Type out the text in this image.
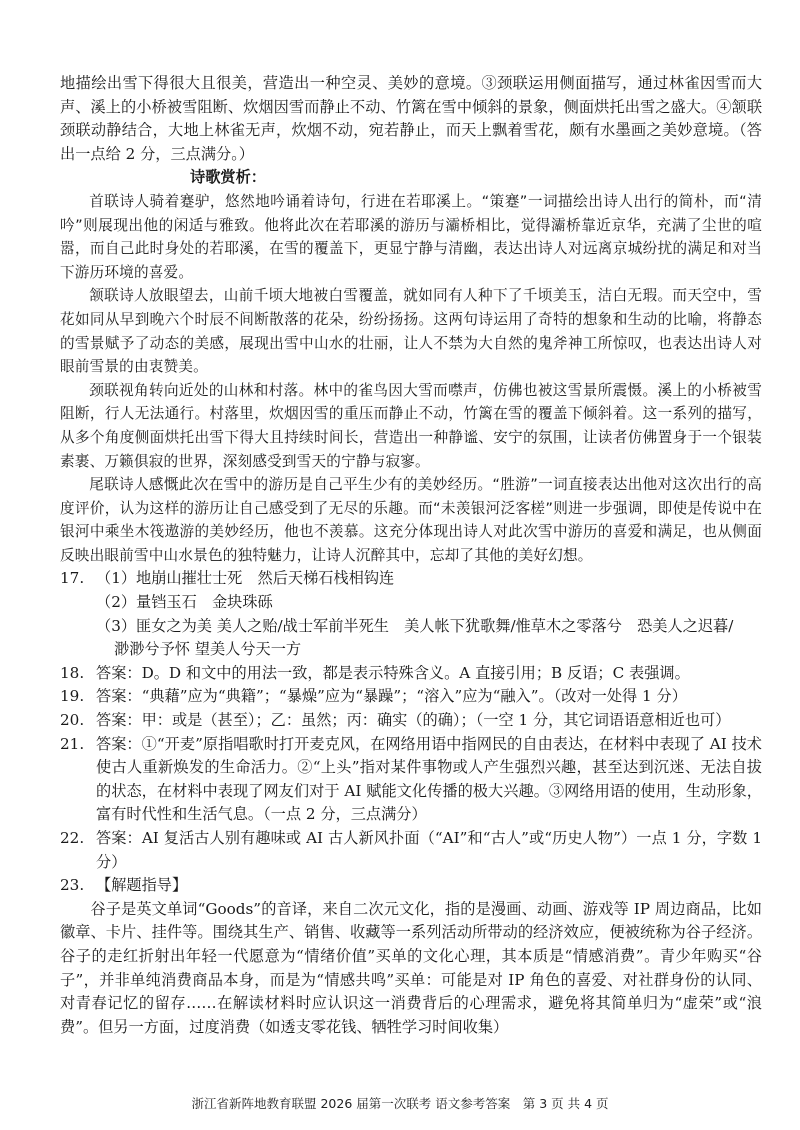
地描绘出雪下得很大且很美，营造出一种空灵、美妙的意境。③颈联运用侧面描写，通过林雀因雪而大声、溪上的小桥被雪阻断、炊烟因雪而静止不动、竹篱在雪中倾斜的景象，侧面烘托出雪之盛大。④颔联颈联动静结合，大地上林雀无声，炊烟不动，宛若静止，而天上飘着雪花，颇有水墨画之美妙意境。（答出一点给 2 分，三点满分。）

诗歌赏析：

首联诗人骑着蹇驴，悠然地吟诵着诗句，行进在若耶溪上。“策蹇”一词描绘出诗人出行的简朴，而“清吟”则展现出他的闲适与雅致。他将此次在若耶溪的游历与灞桥相比，觉得灞桥靠近京华，充满了尘世的喧嚣，而自己此时身处的若耶溪，在雪的覆盖下，更显宁静与清幽，表达出诗人对远离京城纷扰的满足和对当下游历环境的喜爱。

颔联诗人放眼望去，山前千顷大地被白雪覆盖，就如同有人种下了千顷美玉，洁白无瑕。而天空中，雪花如同从早到晚六个时辰不间断散落的花朵，纷纷扬扬。这两句诗运用了奇特的想象和生动的比喻，将静态的雪景赋予了动态的美感，展现出雪中山水的壮丽，让人不禁为大自然的鬼斧神工所惊叹，也表达出诗人对眼前雪景的由衷赞美。

颈联视角转向近处的山林和村落。林中的雀鸟因大雪而噤声，仿佛也被这雪景所震慑。溪上的小桥被雪阻断，行人无法通行。村落里，炊烟因雪的重压而静止不动，竹篱在雪的覆盖下倾斜着。这一系列的描写，从多个角度侧面烘托出雪下得大且持续时间长，营造出一种静谧、安宁的氛围，让读者仿佛置身于一个银装素裹、万籁俱寂的世界，深刻感受到雪天的宁静与寂寥。

尾联诗人感慨此次在雪中的游历是自己平生少有的美妙经历。“胜游”一词直接表达出他对这次出行的高度评价，认为这样的游历让自己感受到了无尽的乐趣。而“未羡银河泛客槎”则进一步强调，即使是传说中在银河中乘坐木筏遨游的美妙经历，他也不羡慕。这充分体现出诗人对此次雪中游历的喜爱和满足，也从侧面反映出眼前雪中山水景色的独特魅力，让诗人沉醉其中，忘却了其他的美好幻想。

17. （1）地崩山摧壮士死　然后天梯石栈相钩连
（2）量铛玉石　金块珠砾
（3）匪女之为美 美人之贻/战士军前半死生　美人帐下犹歌舞/惟草木之零落兮　恐美人之迟暮/
渺渺兮予怀 望美人兮天一方
18. 答案：D。D 和文中的用法一致，都是表示特殊含义。A 直接引用；B 反语；C 表强调。
19. 答案：“典藉”应为“典籍”；“暴燥”应为“暴躁”；“溶入”应为“融入”。（改对一处得 1 分）
20. 答案：甲：或是（甚至）；乙：虽然；丙：确实（的确）；（一空 1 分，其它词语语意相近也可）
21. 答案：①“开麦”原指唱歌时打开麦克风，在网络用语中指网民的自由表达，在材料中表现了 AI 技术使古人重新焕发的生命活力。②“上头”指对某件事物或人产生强烈兴趣，甚至达到沉迷、无法自拔的状态，在材料中表现了网友们对于 AI 赋能文化传播的极大兴趣。③网络用语的使用，生动形象，富有时代性和生活气息。（一点 2 分，三点满分）
22. 答案：AI 复活古人别有趣味或 AI 古人新风扑面（“AI”和“古人”或“历史人物”）一点 1 分，字数 1 分）
23. 【解题指导】

谷子是英文单词“Goods”的音译，来自二次元文化，指的是漫画、动画、游戏等 IP 周边商品，比如徽章、卡片、挂件等。围绕其生产、销售、收藏等一系列活动所带动的经济效应，便被统称为谷子经济。谷子的走红折射出年轻一代愿意为“情绪价值”买单的文化心理，其本质是“情感消费”。青少年购买“谷子”，并非单纯消费商品本身，而是为“情感共鸣”买单：可能是对 IP 角色的喜爱、对社群身份的认同、对青春记忆的留存……在解读材料时应认识这一消费背后的心理需求，避免将其简单归为“虚荣”或“浪费”。但另一方面，过度消费（如透支零花钱、牺牲学习时间收集）

浙江省新阵地教育联盟 2026 届第一次联考 语文参考答案　第 3 页 共 4 页
